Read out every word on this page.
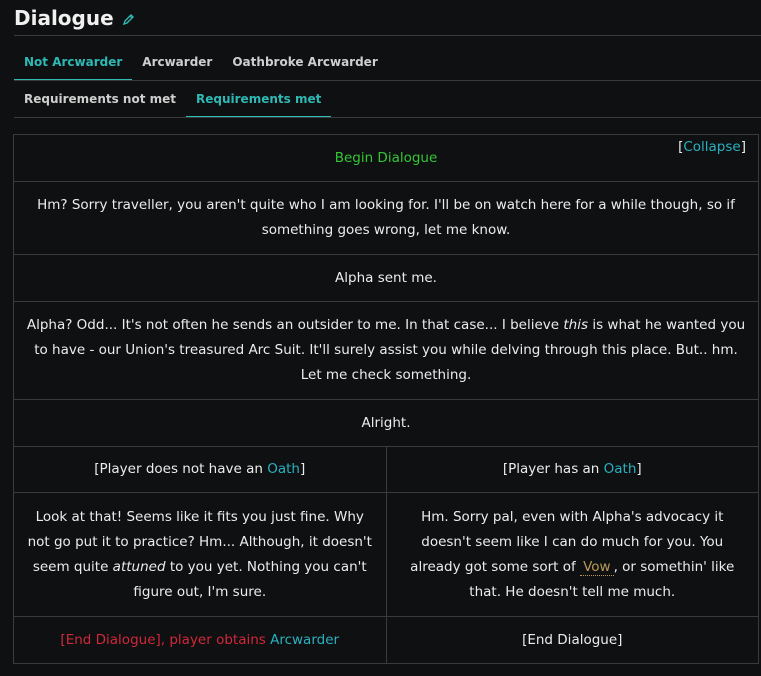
Dialogue
Not Arcwarder	Arcwarder	Oathbroke Arcwarder
Requirements not met	Requirements met
Begin Dialogue
[Collapse]	

Hm? Sorry traveller, you aren't quite who I am looking for. I'll be on watch here for a while though, so if something goes wrong, let me know.	
Alpha sent me.	
Alpha? Odd... It's not often he sends an outsider to me. In that case... I believe this is what he wanted you to have - our Union's treasured Arc Suit. It'll surely assist you while delving through this place. But.. hm. Let me check something.	
Alright.	
[Player does not have an Oath]	[Player has an Oath]
Look at that! Seems like it fits you just fine. Why not go put it to practice? Hm... Although, it doesn't seem quite attuned to you yet. Nothing you can't figure out, I'm sure.	Hm. Sorry pal, even with Alpha's advocacy it doesn't seem like I can do much for you. You already got some sort of Vow , or somethin' like that. He doesn't tell me much.
[End Dialogue], player obtains Arcwarder	[End Dialogue]
